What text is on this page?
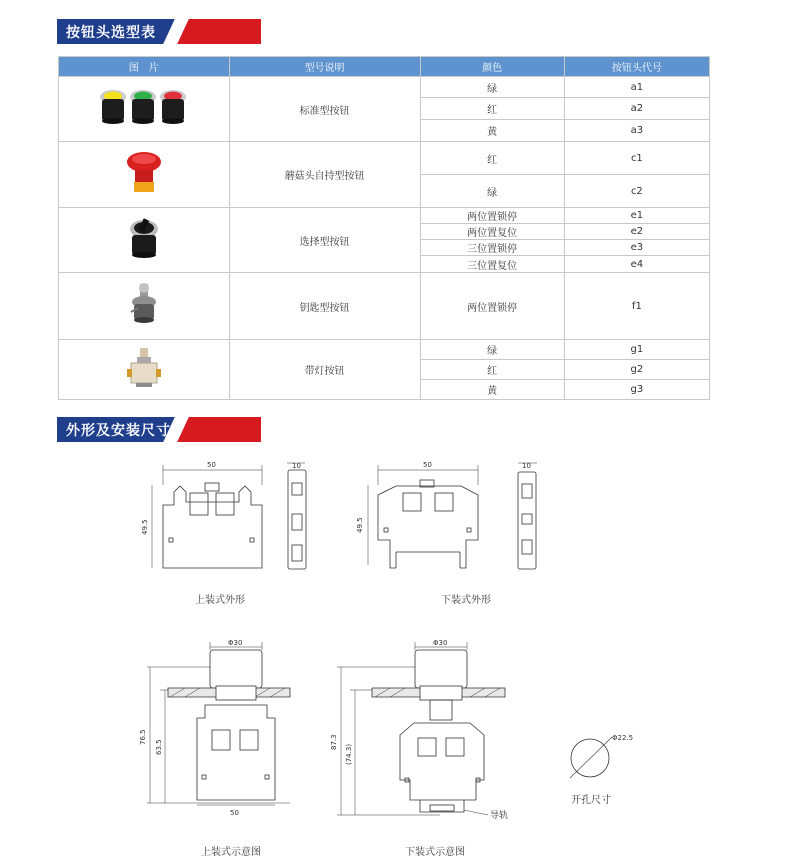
按钮头选型表
图　片	型号说明	颜色	按钮头代号
	标准型按钮	绿	a1
		红	a2
		黄	a3
	蘑菇头自持型按钮	红	c1
		绿	c2
	选择型按钮	两位置锁停	e1
		两位置复位	e2
		三位置锁停	e3
		三位置复位	e4
	钥匙型按钮	两位置锁停	f1
	带灯按钮	绿	g1
		红	g2
		黄	g3
外形及安装尺寸
50
49.5
10	50
49.5
10
Φ30
76.5
63.5
50
Φ30
87.3
(74.3)
导轨
Φ22.5
上装式外形	下装式外形
上装式示意图	下装式示意图
开孔尺寸
